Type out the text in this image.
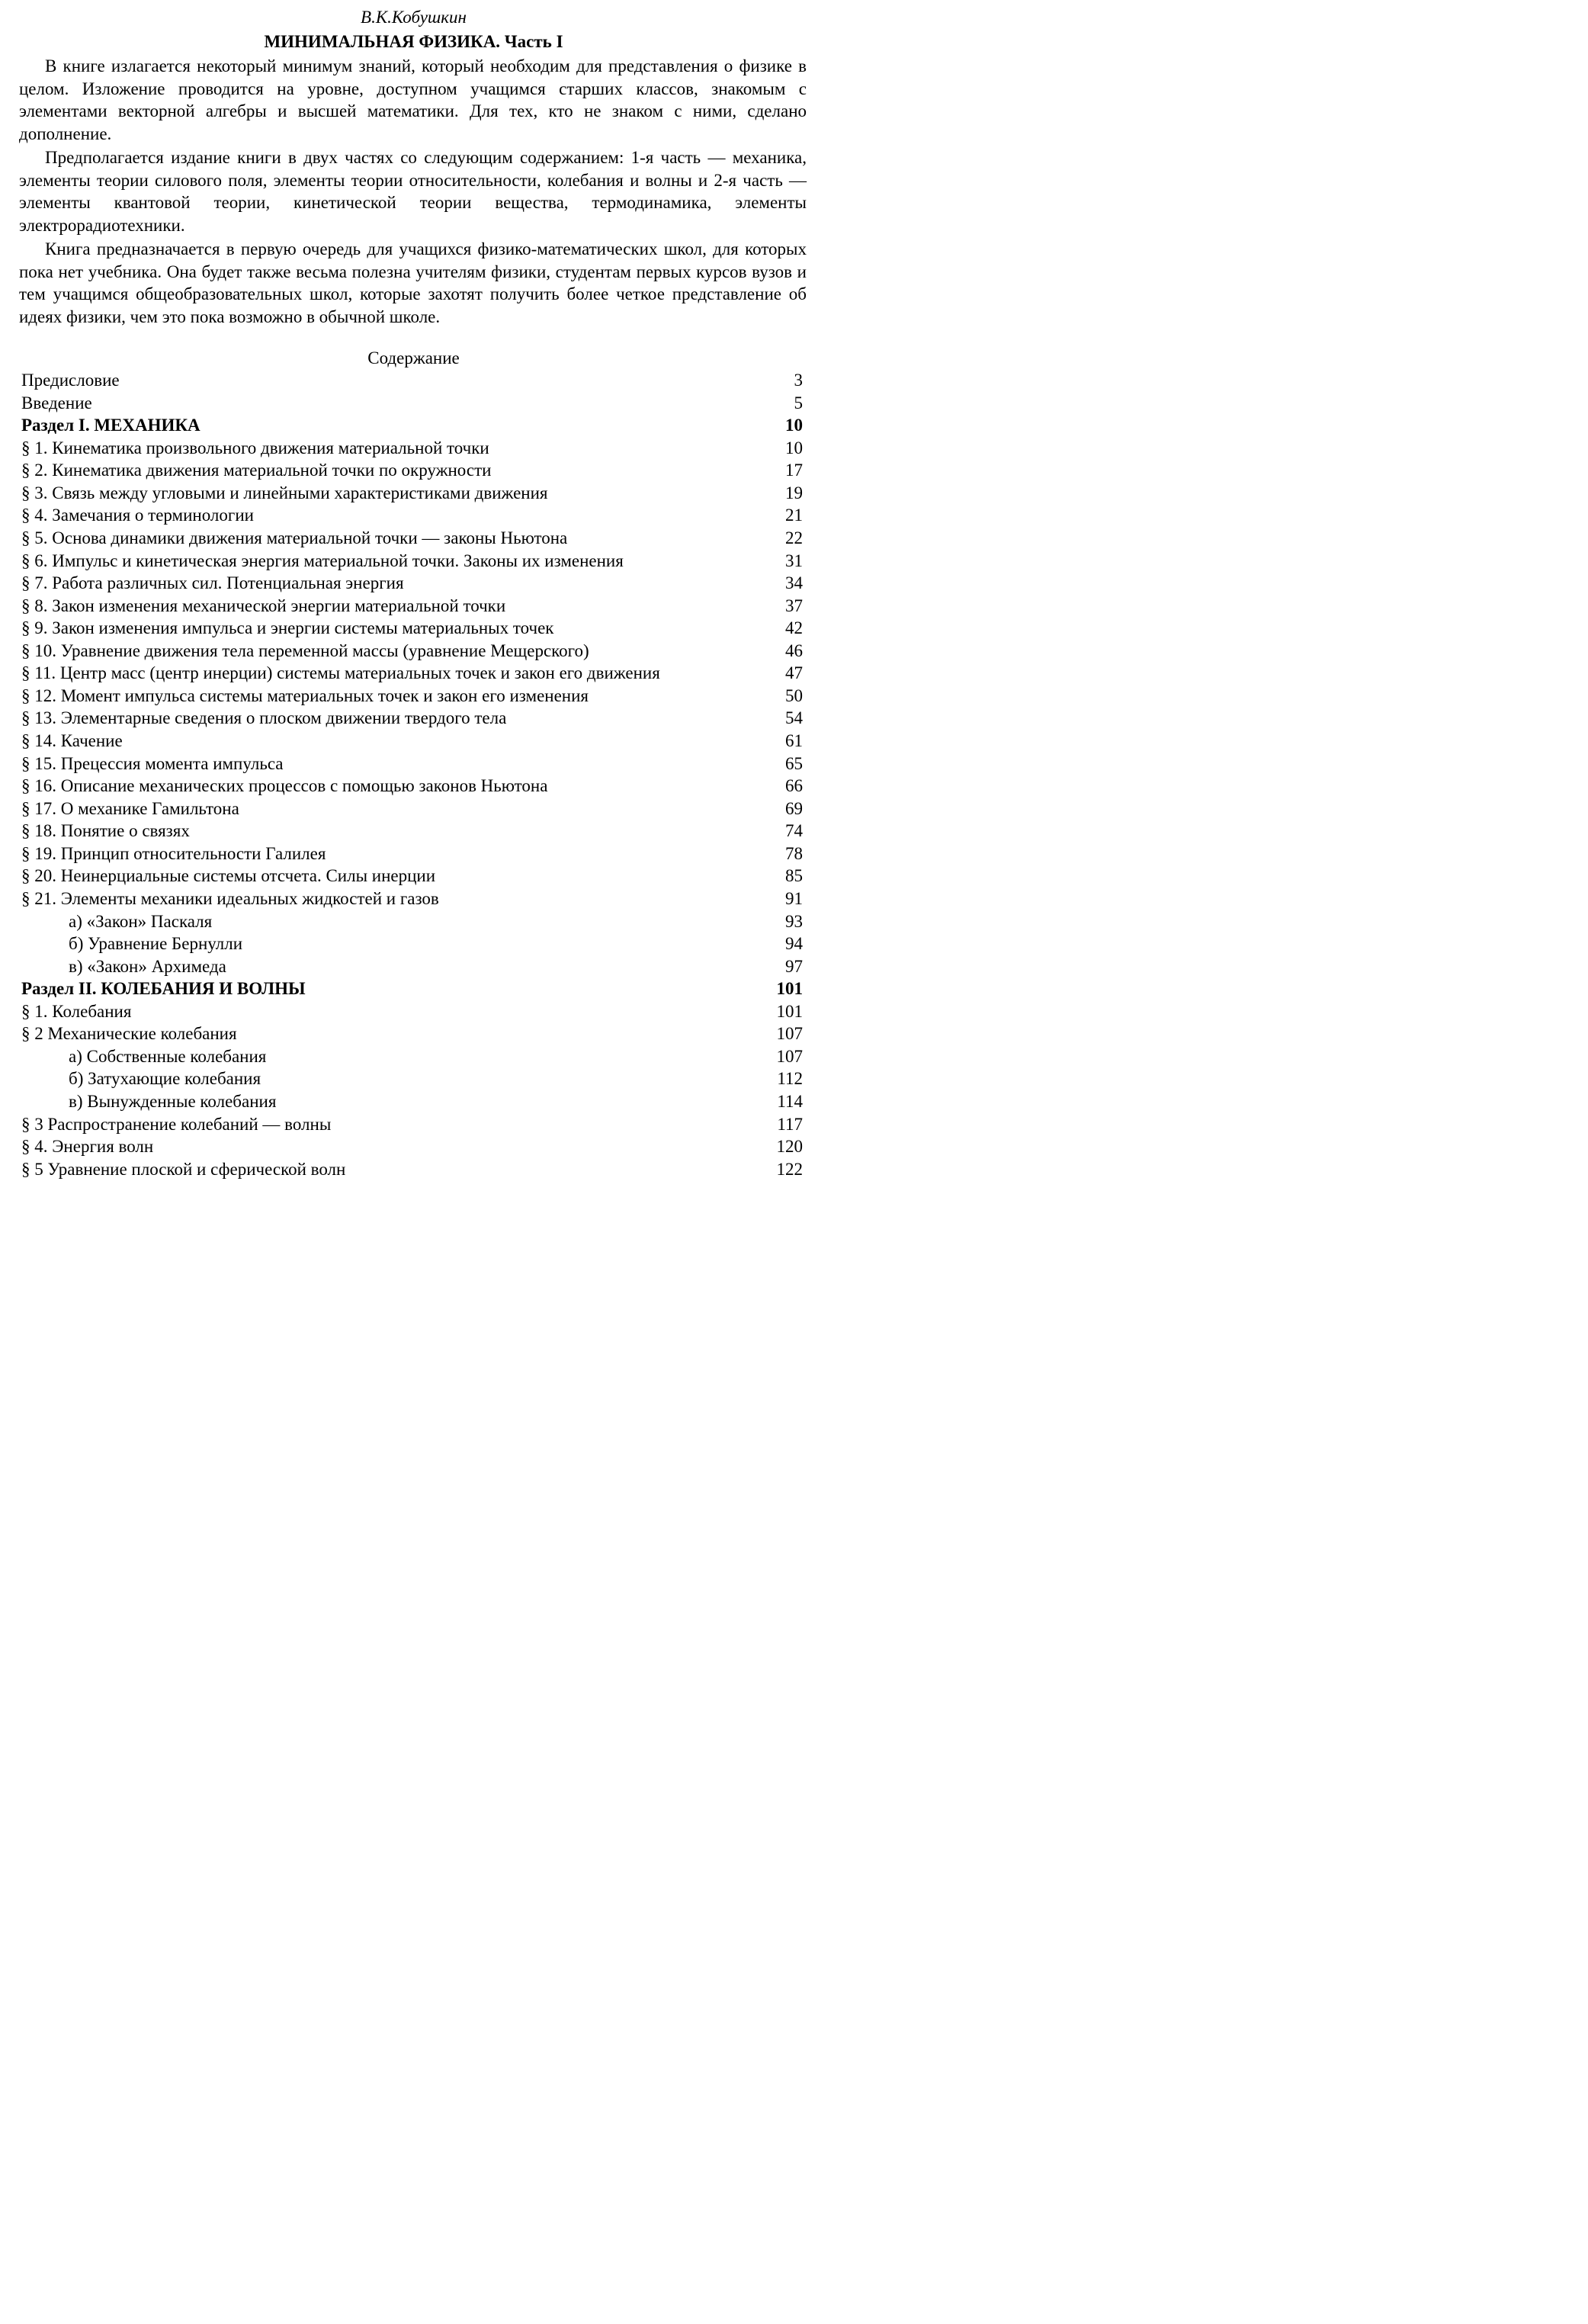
В.К.Кобушкин
МИНИМАЛЬНАЯ ФИЗИКА. Часть I

В книге излагается некоторый минимум знаний, который необходим для представления о физике в целом. Изложение проводится на уровне, доступном учащимся старших классов, знакомым с элементами векторной алгебры и высшей математики. Для тех, кто не знаком с ними, сделано дополнение.

Предполагается издание книги в двух частях со следующим содержанием: 1-я часть — механика, элементы теории силового поля, элементы теории относительности, колебания и волны и 2-я часть — элементы квантовой теории, кинетической теории вещества, термодинамика, элементы электрорадиотехники.

Книга предназначается в первую очередь для учащихся физико-математических школ, для которых пока нет учебника. Она будет также весьма полезна учителям физики, студентам первых курсов вузов и тем учащимся общеобразовательных школ, которые захотят получить более четкое представление об идеях физики, чем это пока возможно в обычной школе.

Содержание
Предисловие	3
Введение	5
Раздел I. МЕХАНИКА	10
§ 1. Кинематика произвольного движения материальной точки	10
§ 2. Кинематика движения материальной точки по окружности	17
§ 3. Связь между угловыми и линейными характеристиками движения	19
§ 4. Замечания о терминологии	21
§ 5. Основа динамики движения материальной точки — законы Ньютона	22
§ 6. Импульс и кинетическая энергия материальной точки. Законы их изменения	31
§ 7. Работа различных сил. Потенциальная энергия	34
§ 8. Закон изменения механической энергии материальной точки	37
§ 9. Закон изменения импульса и энергии системы материальных точек	42
§ 10. Уравнение движения тела переменной массы (уравнение Мещерского)	46
§ 11. Центр масс (центр инерции) системы материальных точек и закон его движения	47
§ 12. Момент импульса системы материальных точек и закон его изменения	50
§ 13. Элементарные сведения о плоском движении твердого тела	54
§ 14. Качение	61
§ 15. Прецессия момента импульса	65
§ 16. Описание механических процессов с помощью законов Ньютона	66
§ 17. О механике Гамильтона	69
§ 18. Понятие о связях	74
§ 19. Принцип относительности Галилея	78
§ 20. Неинерциальные системы отсчета. Силы инерции	85
§ 21. Элементы механики идеальных жидкостей и газов	91
а) «Закон» Паскаля	93
б) Уравнение Бернулли	94
в) «Закон» Архимеда	97
Раздел II. КОЛЕБАНИЯ И ВОЛНЫ	101
§ 1. Колебания	101
§ 2 Механические колебания	107
а) Собственные колебания	107
б) Затухающие колебания	112
в) Вынужденные колебания	114
§ 3 Распространение колебаний — волны	117
§ 4. Энергия волн	120
§ 5 Уравнение плоской и сферической волн	122
